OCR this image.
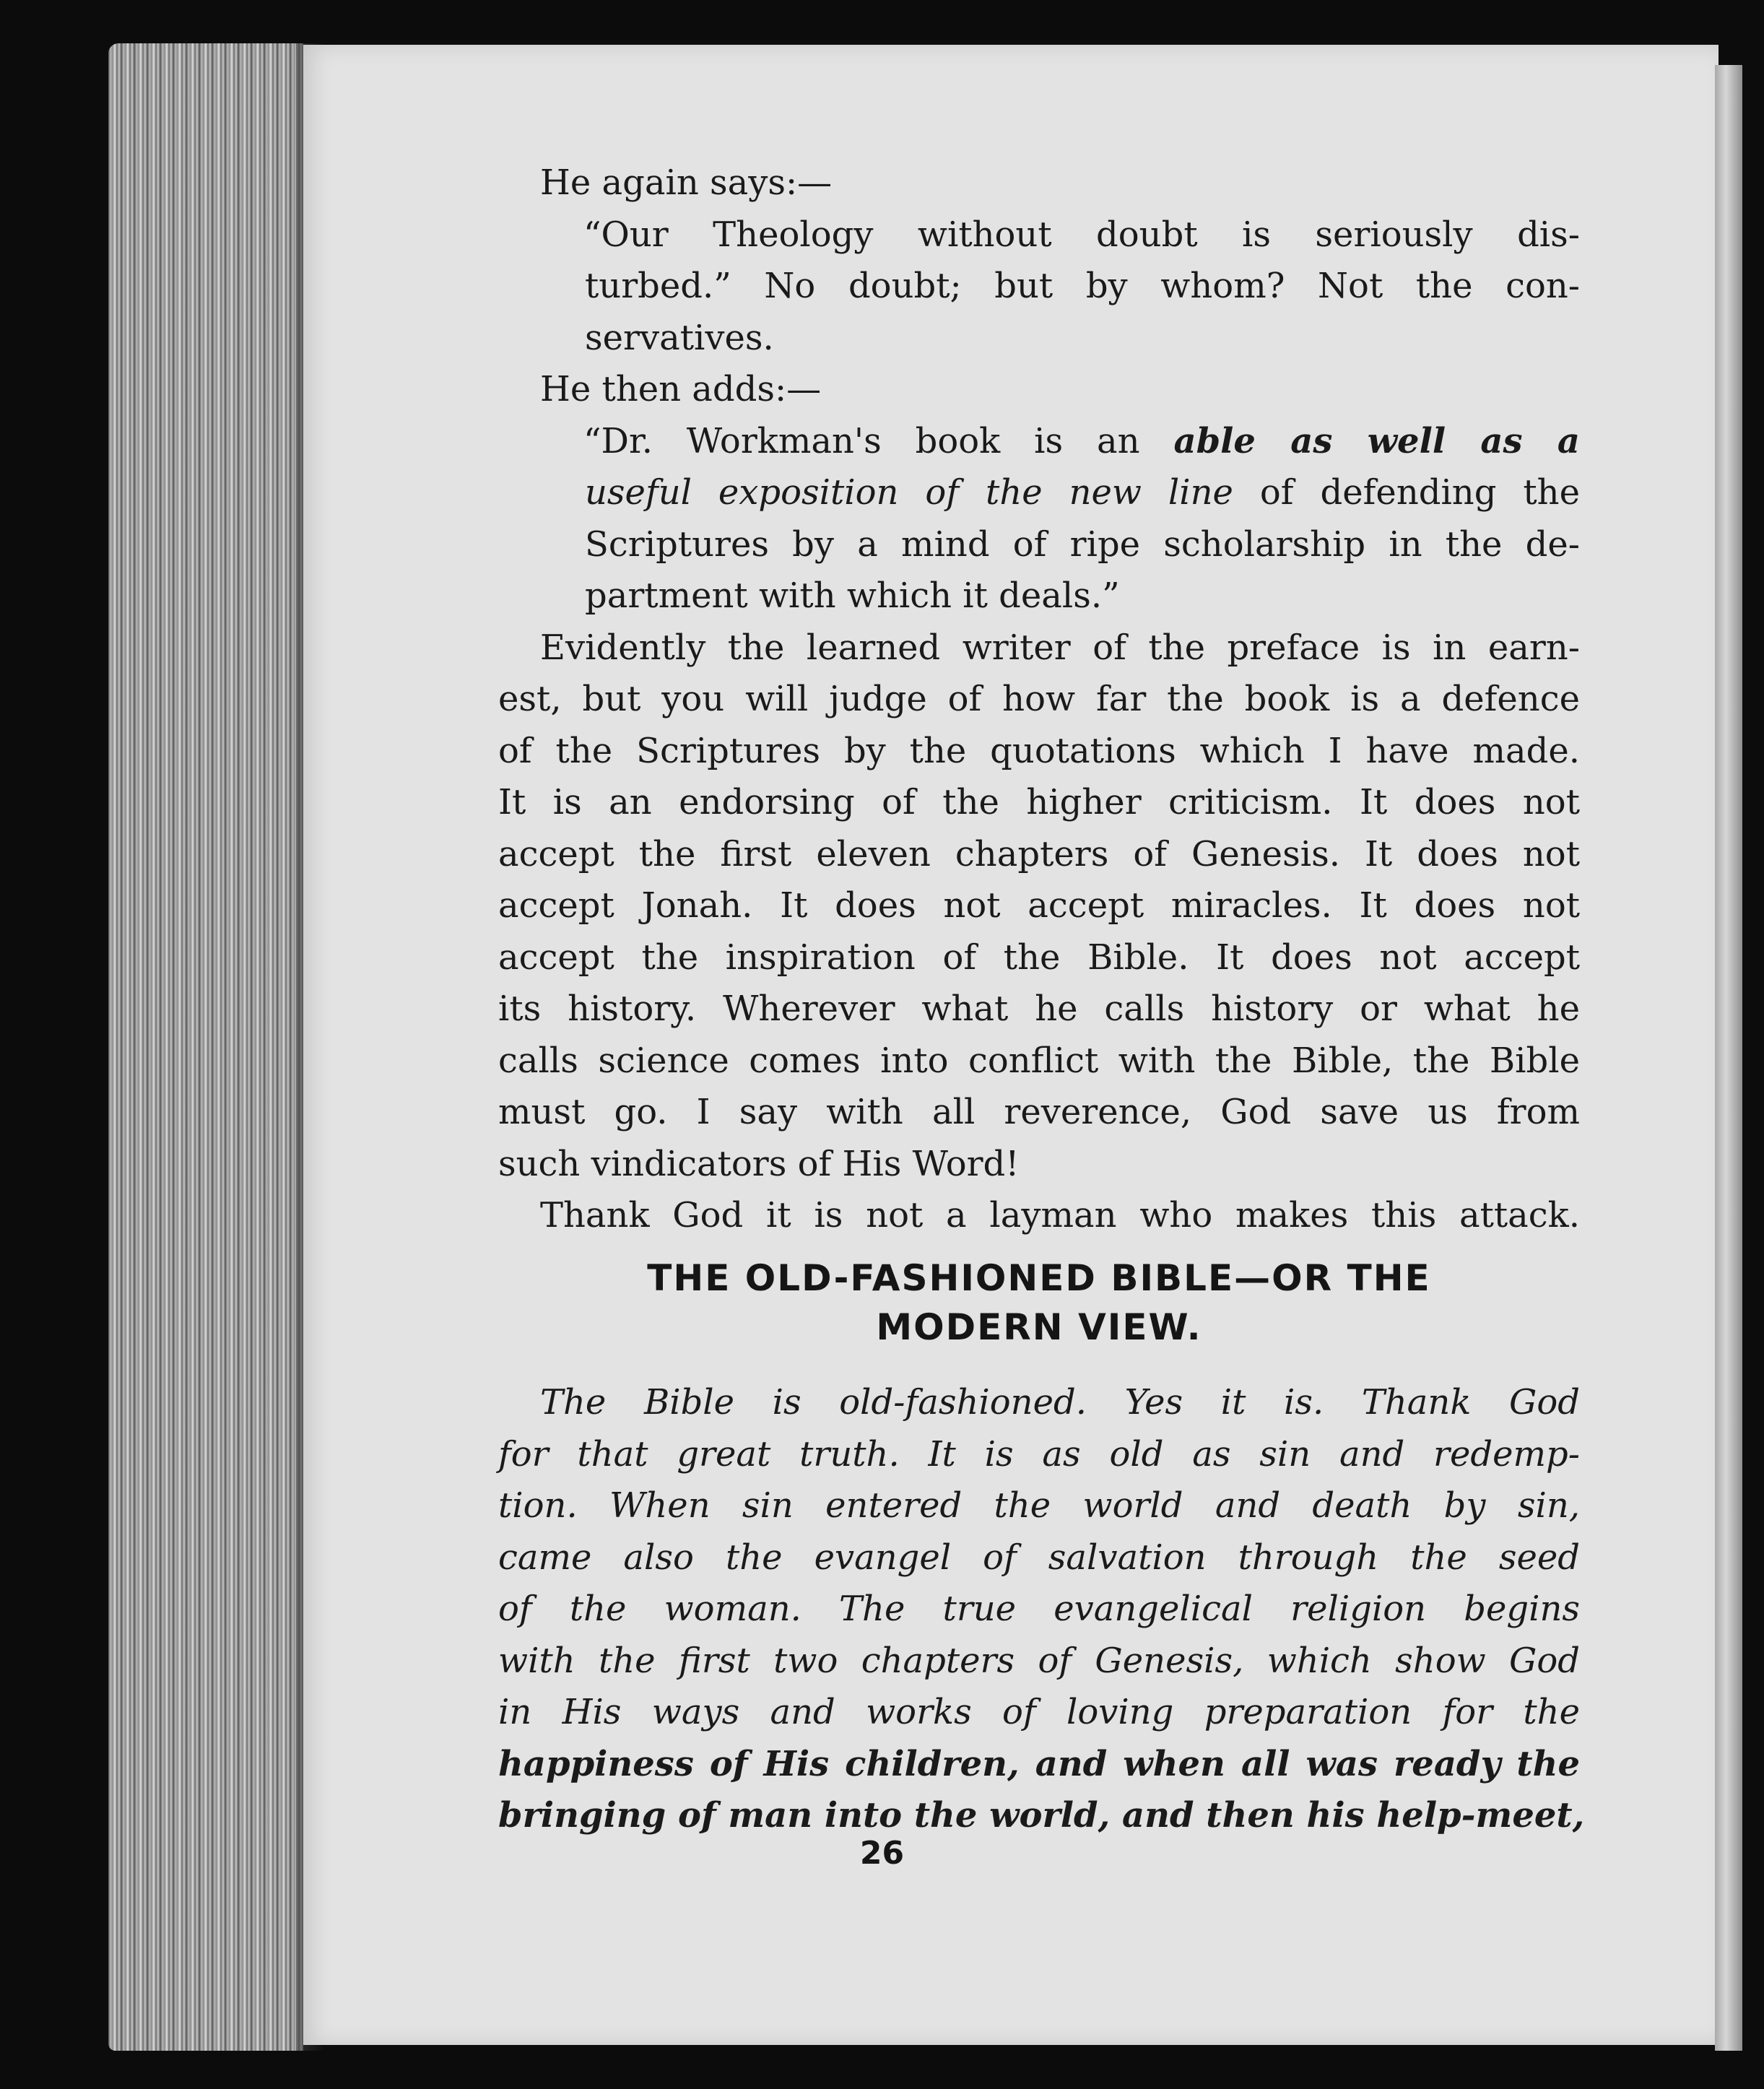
He again says:—
“Our Theology without doubt is seriously dis-
turbed.” No doubt; but by whom? Not the con-
servatives.
He then adds:—
“Dr. Workman's book is an able as well as a
useful exposition of the new line of defending the
Scriptures by a mind of ripe scholarship in the de-
partment with which it deals.”
Evidently the learned writer of the preface is in earn-
est, but you will judge of how far the book is a defence
of the Scriptures by the quotations which I have made.
It is an endorsing of the higher criticism. It does not
accept the first eleven chapters of Genesis. It does not
accept Jonah. It does not accept miracles. It does not
accept the inspiration of the Bible. It does not accept
its history. Wherever what he calls history or what he
calls science comes into conflict with the Bible, the Bible
must go. I say with all reverence, God save us from
such vindicators of His Word!
Thank God it is not a layman who makes this attack.
THE OLD-FASHIONED BIBLE—OR THE
MODERN VIEW.
The Bible is old-fashioned. Yes it is. Thank God
for that great truth. It is as old as sin and redemp-
tion. When sin entered the world and death by sin,
came also the evangel of salvation through the seed
of the woman. The true evangelical religion begins
with the first two chapters of Genesis, which show God
in His ways and works of loving preparation for the
happiness of His children, and when all was ready the
bringing of man into the world, and then his help-meet,
26
